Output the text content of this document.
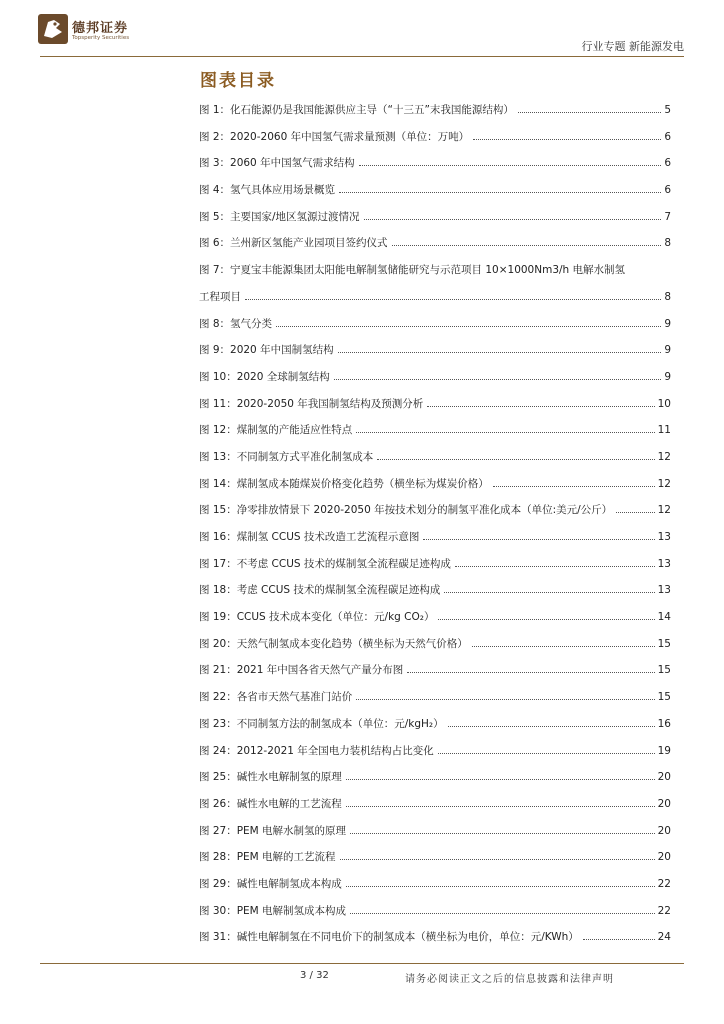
德邦证券
Topsperity Securities
行业专题 新能源发电
图表目录
图 1：化石能源仍是我国能源供应主导（“十三五”末我国能源结构）	5
图 2：2020-2060 年中国氢气需求量预测（单位：万吨）	6
图 3：2060 年中国氢气需求结构	6
图 4：氢气具体应用场景概览	6
图 5：主要国家/地区氢源过渡情况	7
图 6：兰州新区氢能产业园项目签约仪式	8
图 7：宁夏宝丰能源集团太阳能电解制氢储能研究与示范项目 10×1000Nm3/h 电解水制氢
工程项目	8
图 8：氢气分类	9
图 9：2020 年中国制氢结构	9
图 10：2020 全球制氢结构	9
图 11：2020-2050 年我国制氢结构及预测分析	10
图 12：煤制氢的产能适应性特点	11
图 13：不同制氢方式平准化制氢成本	12
图 14：煤制氢成本随煤炭价格变化趋势（横坐标为煤炭价格）	12
图 15：净零排放情景下 2020-2050 年按技术划分的制氢平准化成本（单位:美元/公斤）	12
图 16：煤制氢 CCUS 技术改造工艺流程示意图	13
图 17：不考虑 CCUS 技术的煤制氢全流程碳足迹构成	13
图 18：考虑 CCUS 技术的煤制氢全流程碳足迹构成	13
图 19：CCUS 技术成本变化（单位：元/kg CO₂）	14
图 20：天然气制氢成本变化趋势（横坐标为天然气价格）	15
图 21：2021 年中国各省天然气产量分布图	15
图 22：各省市天然气基准门站价	15
图 23：不同制氢方法的制氢成本（单位：元/kgH₂）	16
图 24：2012-2021 年全国电力装机结构占比变化	19
图 25：碱性水电解制氢的原理	20
图 26：碱性水电解的工艺流程	20
图 27：PEM 电解水制氢的原理	20
图 28：PEM 电解的工艺流程	20
图 29：碱性电解制氢成本构成	22
图 30：PEM 电解制氢成本构成	22
图 31：碱性电解制氢在不同电价下的制氢成本（横坐标为电价，单位：元/KWh）	24
3 / 32	请务必阅读正文之后的信息披露和法律声明
